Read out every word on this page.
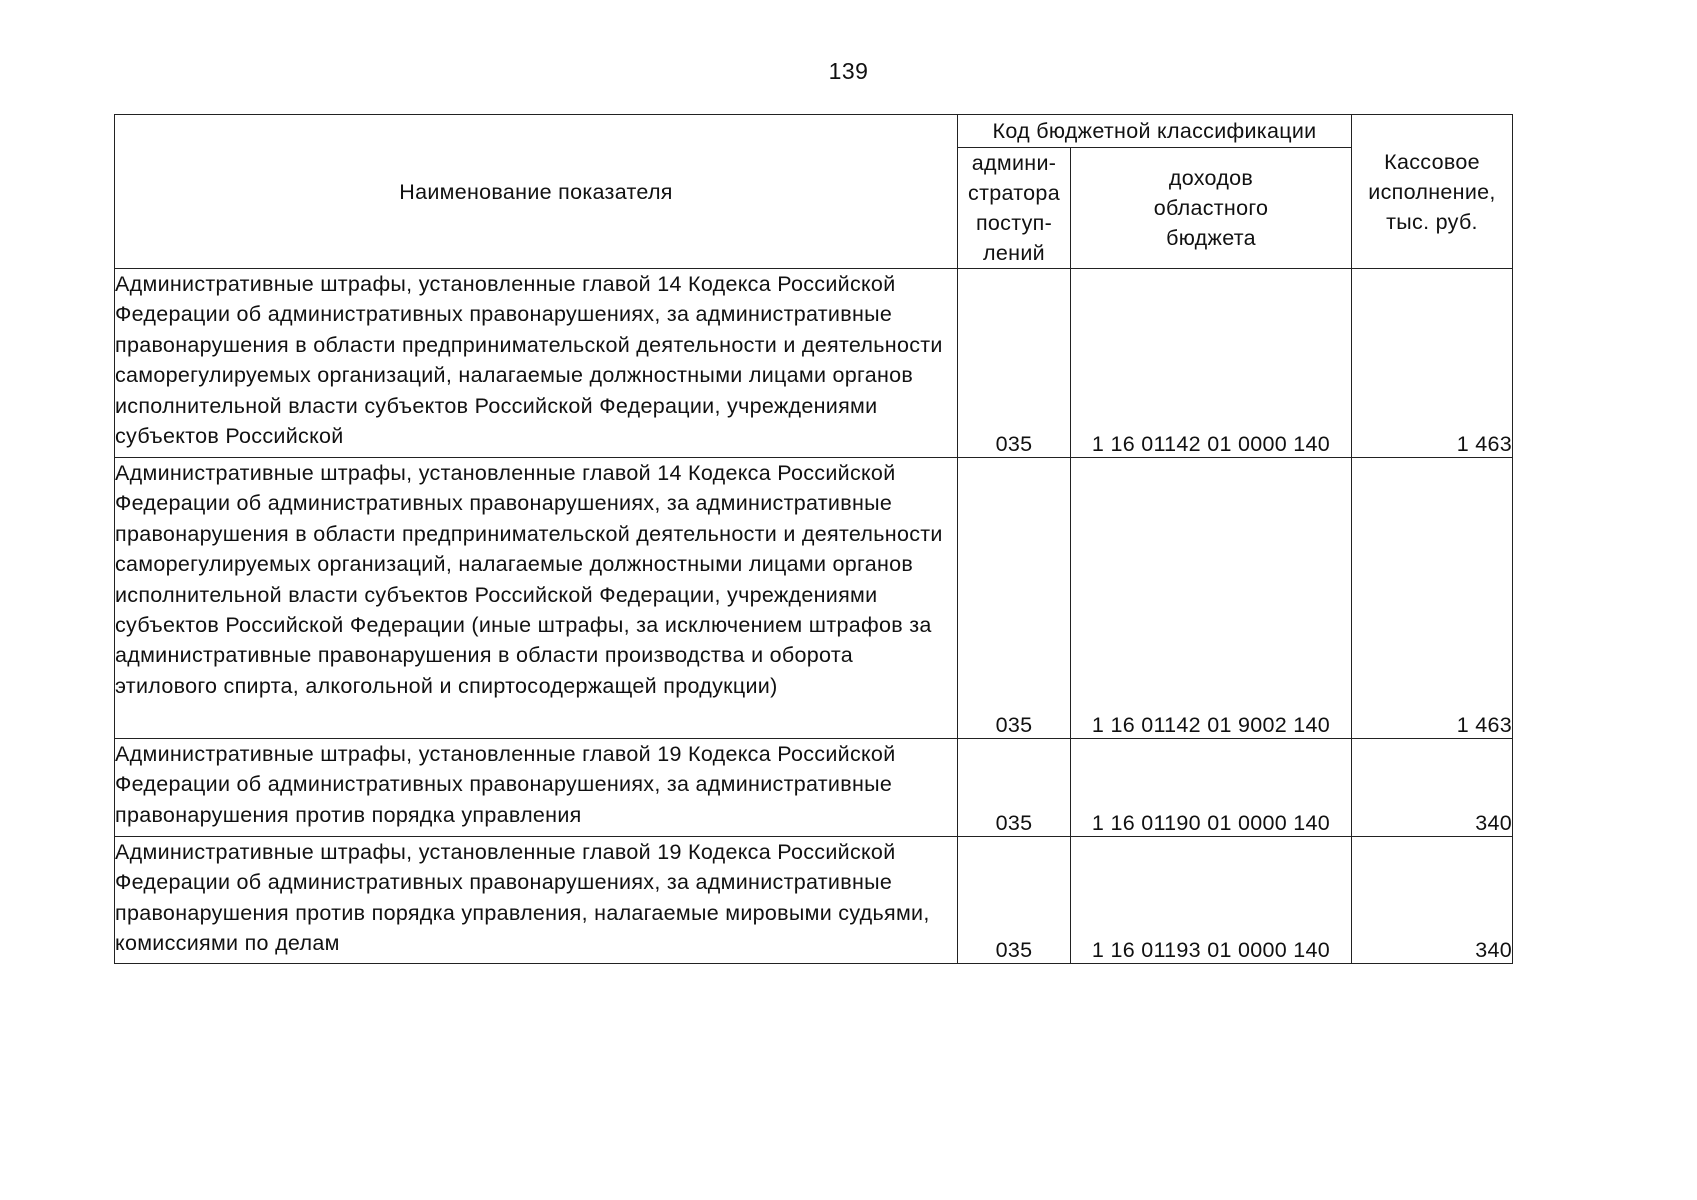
139
Наименование показателя	Код бюджетной классификации		Кассовое исполнение, тыс. руб.
	админи-стратора поступ-лений	доходов областного бюджета	
Административные штрафы, установленные главой 14 Кодекса Российской Федерации об административных правонарушениях, за административные правонарушения в области предпринимательской деятельности и деятельности саморегулируемых организаций, налагаемые должностными лицами органов исполнительной власти субъектов Российской Федерации, учреждениями субъектов Российской	035	1 16 01142 01 0000 140	1 463
Административные штрафы, установленные главой 14 Кодекса Российской Федерации об административных правонарушениях, за административные правонарушения в области предпринимательской деятельности и деятельности саморегулируемых организаций, налагаемые должностными лицами органов исполнительной власти субъектов Российской Федерации, учреждениями субъектов Российской Федерации (иные штрафы, за исключением штрафов за административные правонарушения в области производства и оборота этилового спирта, алкогольной и спиртосодержащей продукции)	035	1 16 01142 01 9002 140	1 463
Административные штрафы, установленные главой 19 Кодекса Российской Федерации об административных правонарушениях, за административные правонарушения против порядка управления	035	1 16 01190 01 0000 140	340
Административные штрафы, установленные главой 19 Кодекса Российской Федерации об административных правонарушениях, за административные правонарушения против порядка управления, налагаемые мировыми судьями, комиссиями по делам	035	1 16 01193 01 0000 140	340
